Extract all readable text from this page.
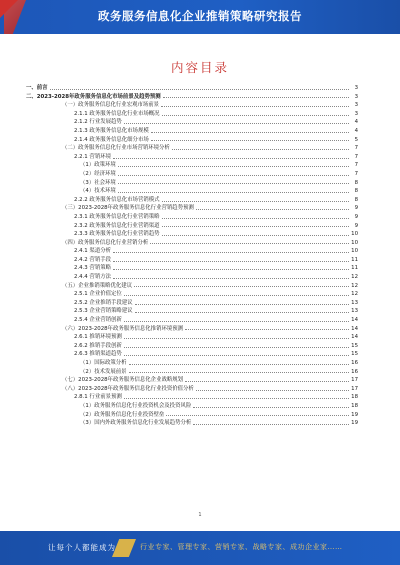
政务服务信息化企业推销策略研究报告
内容目录
一、前言	3
二、2023-2028年政务服务信息化市场前景及趋势预测	3
（一）政务服务信息化行业宏观市场前景	3
2.1.1 政务服务信息化行业市场概况	3
2.1.2 行业发展趋势	4
2.1.3 政务服务信息化市场规模	4
2.1.4 政务服务信息化细分市场	5
（二）政务服务信息化行业市场营销环境分析	7
2.2.1 营销环境	7
（1）政策环境	7
（2）经济环境	7
（3）社会环境	8
（4）技术环境	8
2.2.2 政务服务信息化市场营销模式	8
（三）2023-2028年政务服务信息化行业营销趋势预测	9
2.3.1 政务服务信息化行业营销策略	9
2.3.2 政务服务信息化行业营销渠道	9
2.3.3 政务服务信息化行业营销趋势	10
（四）政务服务信息化行业营销分析	10
2.4.1 渠道分析	10
2.4.2 营销手段	11
2.4.3 营销策略	11
2.4.4 营销方法	12
（五）企业推销策略优化建议	12
2.5.1 企业价值定位	12
2.5.2 企业推销手段建议	13
2.5.3 企业营销策略建议	13
2.5.4 企业营销创新	14
（六）2023-2028年政务服务信息化推销环境预测	14
2.6.1 推销环境预测	14
2.6.2 推销手段创新	15
2.6.3 推销渠道趋势	15
（1）国际政策分析	16
（2）技术发展前景	16
（七）2023-2028年政务服务信息化企业战略规划	17
（八）2023-2028年政务服务信息化行业投资价值分析	17
2.8.1 行业前景预测	18
（1）政务服务信息化行业投资机会及投资风险	18
（2）政务服务信息化行业投资壁垒	19
（3）国内外政务服务信息化行业发展趋势分析	19
1
让每个人都能成为	行业专家、管理专家、营销专家、战略专家、成功企业家……
